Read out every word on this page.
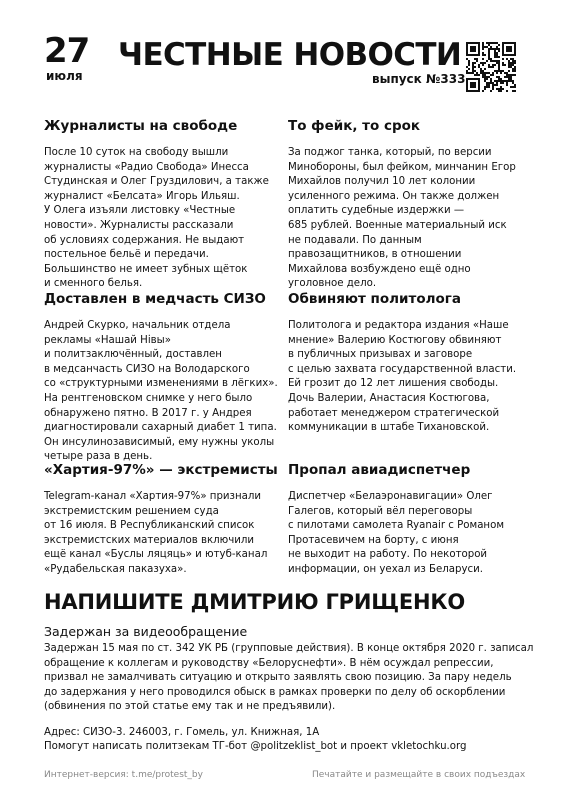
27
июля
ЧЕСТНЫЕ НОВОСТИ
выпуск №333
Журналисты на свободе

После 10 суток на свободу вышли
журналисты «Радио Свобода» Инесса
Студинская и Олег Груздилович, а также
журналист «Белсата» Игорь Ильяш.
У Олега изъяли листовку «Честные
новости». Журналисты рассказали
об условиях содержания. Не выдают
постельное бельё и передачи.
Большинство не имеет зубных щёток
и сменного белья.

То фейк, то срок

За поджог танка, который, по версии
Минобороны, был фейком, минчанин Егор
Михайлов получил 10 лет колонии
усиленного режима. Он также должен
оплатить судебные издержки —
685 рублей. Военные материальный иск
не подавали. По данным
правозащитников, в отношении
Михайлова возбуждено ещё одно
уголовное дело.

Доставлен в медчасть СИЗО

Андрей Скурко, начальник отдела
рекламы «Нашай Нівы»
и политзаключённый, доставлен
в медсанчасть СИЗО на Володарского
со «структурными изменениями в лёгких».
На рентгеновском снимке у него было
обнаружено пятно. В 2017 г. у Андрея
диагностировали сахарный диабет 1 типа.
Он инсулинозависимый, ему нужны уколы
четыре раза в день.

Обвиняют политолога

Политолога и редактора издания «Наше
мнение» Валерию Костюгову обвиняют
в публичных призывах и заговоре
с целью захвата государственной власти.
Ей грозит до 12 лет лишения свободы.
Дочь Валерии, Анастасия Костюгова,
работает менеджером стратегической
коммуникации в штабе Тихановской.

«Хартия-97%» — экстремисты

Telegram-канал «Хартия-97%» признали
экстремистским решением суда
от 16 июля. В Республиканский список
экстремистских материалов включили
ещё канал «Буслы ляцяць» и ютуб-канал
«Рудабельская паказуха».

Пропал авиадиспетчер

Диспетчер «Белаэронавигации» Олег
Галегов, который вёл переговоры
с пилотами самолета Ryanair с Романом
Протасевичем на борту, с июня
не выходит на работу. По некоторой
информации, он уехал из Беларуси.

НАПИШИТЕ ДМИТРИЮ ГРИЩЕНКО
Задержан за видеообращение
Задержан 15 мая по ст. 342 УК РБ (групповые действия). В конце октября 2020 г. записал
обращение к коллегам и руководству «Белоруснефти». В нём осуждал репрессии,
призвал не замалчивать ситуацию и открыто заявлять свою позицию. За пару недель
до задержания у него проводился обыск в рамках проверки по делу об оскорблении
(обвинения по этой статье ему так и не предъявили).
Адрес: СИЗО-3. 246003, г. Гомель, ул. Книжная, 1А
Помогут написать политзекам ТГ-бот @politzeklist_bot и проект vkletochku.org
Интернет-версия: t.me/protest_by	Печатайте и размещайте в своих подъездах
